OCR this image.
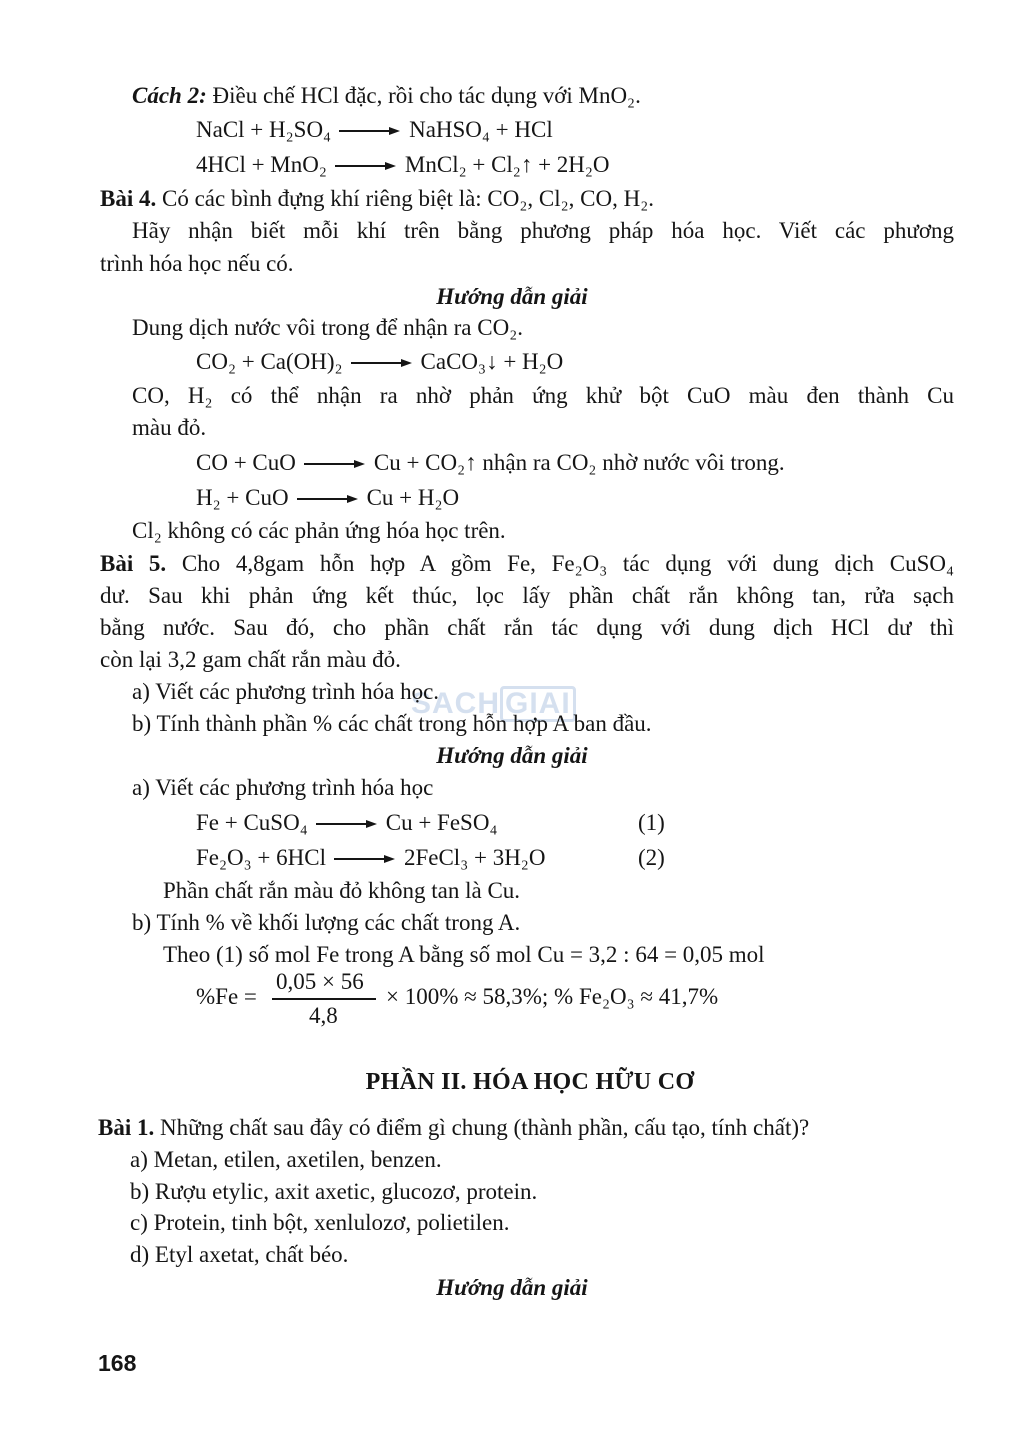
Cách 2: Điều chế HCl đặc, rồi cho tác dụng với MnO₂.
NaCl + H₂SO₄ → NaHSO₄ + HCl
4HCl + MnO₂ → MnCl₂ + Cl₂↑ + 2H₂O
Bài 4. Có các bình đựng khí riêng biệt là: CO₂, Cl₂, CO, H₂.
Hãy nhận biết mỗi khí trên bằng phương pháp hóa học. Viết các phương
trình hóa học nếu có.
Hướng dẫn giải
Dung dịch nước vôi trong để nhận ra CO₂.
CO₂ + Ca(OH)₂ → CaCO₃↓ + H₂O
CO, H₂ có thể nhận ra nhờ phản ứng khử bột CuO màu đen thành Cu
màu đỏ.
CO + CuO → Cu + CO₂↑ nhận ra CO₂ nhờ nước vôi trong.
H₂ + CuO → Cu + H₂O
Cl₂ không có các phản ứng hóa học trên.
Bài 5. Cho 4,8gam hỗn hợp A gồm Fe, Fe₂O₃ tác dụng với dung dịch CuSO₄
dư. Sau khi phản ứng kết thúc, lọc lấy phần chất rắn không tan, rửa sạch
bằng nước. Sau đó, cho phần chất rắn tác dụng với dung dịch HCl dư thì
còn lại 3,2 gam chất rắn màu đỏ.
SACH GIAI
a) Viết các phương trình hóa học.
b) Tính thành phần % các chất trong hỗn hợp A ban đầu.
Hướng dẫn giải
a) Viết các phương trình hóa học
Fe + CuSO₄ → Cu + FeSO₄	(1)
Fe₂O₃ + 6HCl → 2FeCl₃ + 3H₂O	(2)
Phần chất rắn màu đỏ không tan là Cu.
b) Tính % về khối lượng các chất trong A.
Theo (1) số mol Fe trong A bằng số mol Cu = 3,2 : 64 = 0,05 mol
%Fe =
0,05 × 56
4,8
× 100% ≈ 58,3%; % Fe₂O₃ ≈ 41,7%
PHẦN II. HÓA HỌC HỮU CƠ
Bài 1. Những chất sau đây có điểm gì chung (thành phần, cấu tạo, tính chất)?
a) Metan, etilen, axetilen, benzen.
b) Rượu etylic, axit axetic, glucozơ, protein.
c) Protein, tinh bột, xenlulozơ, polietilen.
d) Etyl axetat, chất béo.
Hướng dẫn giải
168
